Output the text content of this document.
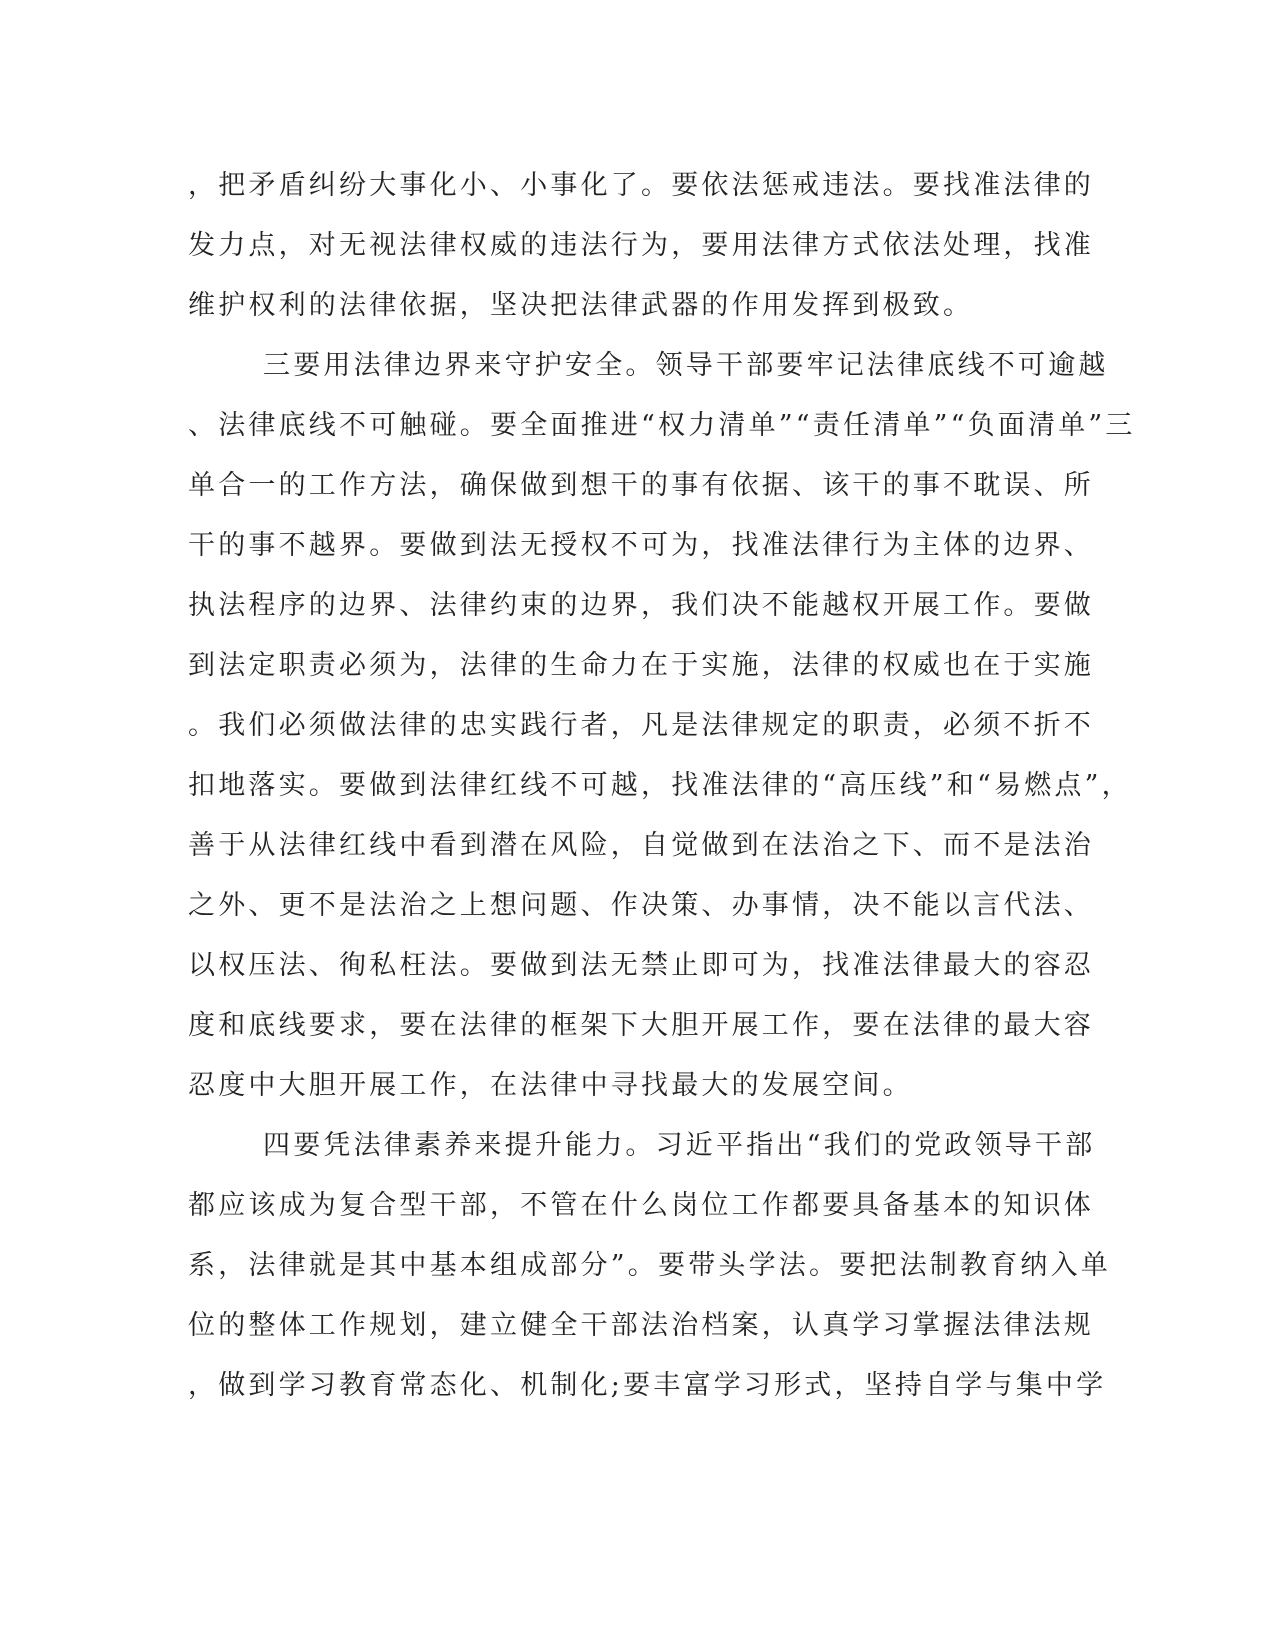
，把矛盾纠纷大事化小、小事化了。要依法惩戒违法。要找准法律的
发力点，对无视法律权威的违法行为，要用法律方式依法处理，找准
维护权利的法律依据，坚决把法律武器的作用发挥到极致。
三要用法律边界来守护安全。领导干部要牢记法律底线不可逾越
、法律底线不可触碰。要全面推进“权力清单”“责任清单”“负面清单”三
单合一的工作方法，确保做到想干的事有依据、该干的事不耽误、所
干的事不越界。要做到法无授权不可为，找准法律行为主体的边界、
执法程序的边界、法律约束的边界，我们决不能越权开展工作。要做
到法定职责必须为，法律的生命力在于实施，法律的权威也在于实施
。我们必须做法律的忠实践行者，凡是法律规定的职责，必须不折不
扣地落实。要做到法律红线不可越，找准法律的“高压线”和“易燃点”，
善于从法律红线中看到潜在风险，自觉做到在法治之下、而不是法治
之外、更不是法治之上想问题、作决策、办事情，决不能以言代法、
以权压法、徇私枉法。要做到法无禁止即可为，找准法律最大的容忍
度和底线要求，要在法律的框架下大胆开展工作，要在法律的最大容
忍度中大胆开展工作，在法律中寻找最大的发展空间。
四要凭法律素养来提升能力。习近平指出“我们的党政领导干部
都应该成为复合型干部，不管在什么岗位工作都要具备基本的知识体
系，法律就是其中基本组成部分”。要带头学法。要把法制教育纳入单
位的整体工作规划，建立健全干部法治档案，认真学习掌握法律法规
，做到学习教育常态化、机制化;要丰富学习形式，坚持自学与集中学
